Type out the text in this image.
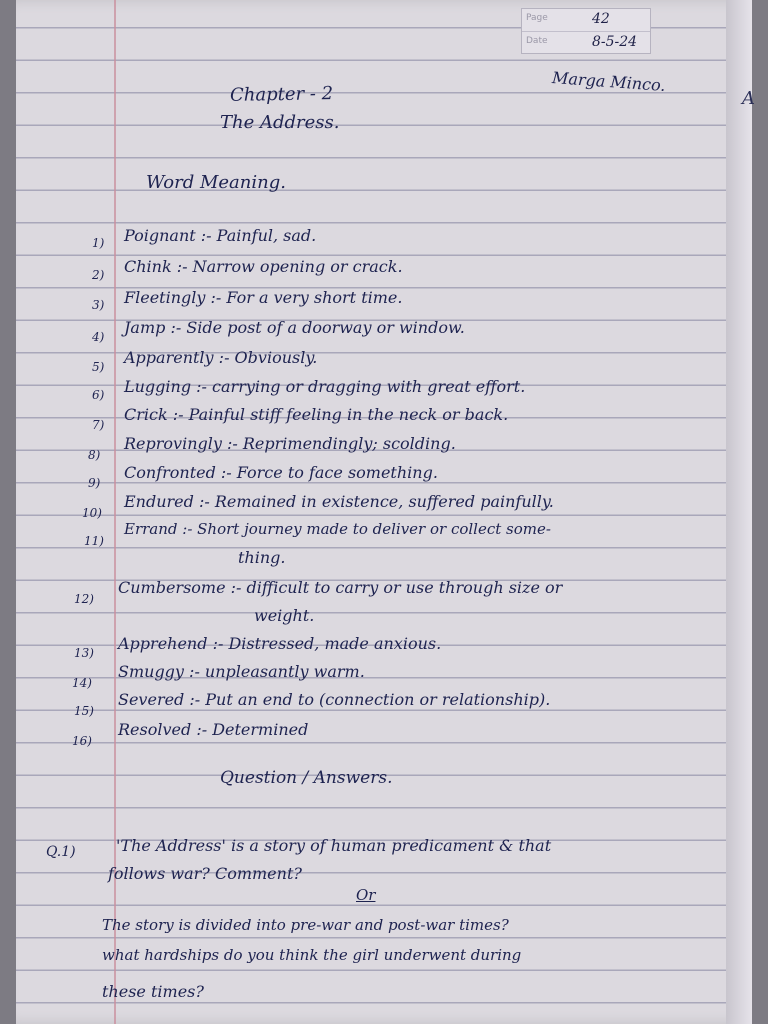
A
Page	42
Date	8-5-24
Marga Minco.
Chapter - 2
The Address.
Word Meaning.
1) Poignant :- Painful, sad.
2) Chink :- Narrow opening or crack.
3) Fleetingly :- For a very short time.
4) Jamp :- Side post of a doorway or window.
5) Apparently :- Obviously.
6) Lugging :- carrying or dragging with great effort.
7)
Crick :- Painful stiff feeling in the neck or back.
8)
Reprovingly :- Reprimendingly; scolding.
9)
Confronted :- Force to face something.
10)
Endured :- Remained in existence, suffered painfully.
11)
Errand :- Short journey made to deliver or collect some-
thing.
12)
Cumbersome :- difficult to carry or use through size or
weight.
13) Apprehend :- Distressed, made anxious.
14)
Smuggy :- unpleasantly warm.
15)
Severed :- Put an end to (connection or relationship).
16)
Resolved :- Determined
Question / Answers.
Q.1)	'The Address' is a story of human predicament & that
follows war? Comment?
Or
The story is divided into pre-war and post-war times?
what hardships do you think the girl underwent during
these times?
